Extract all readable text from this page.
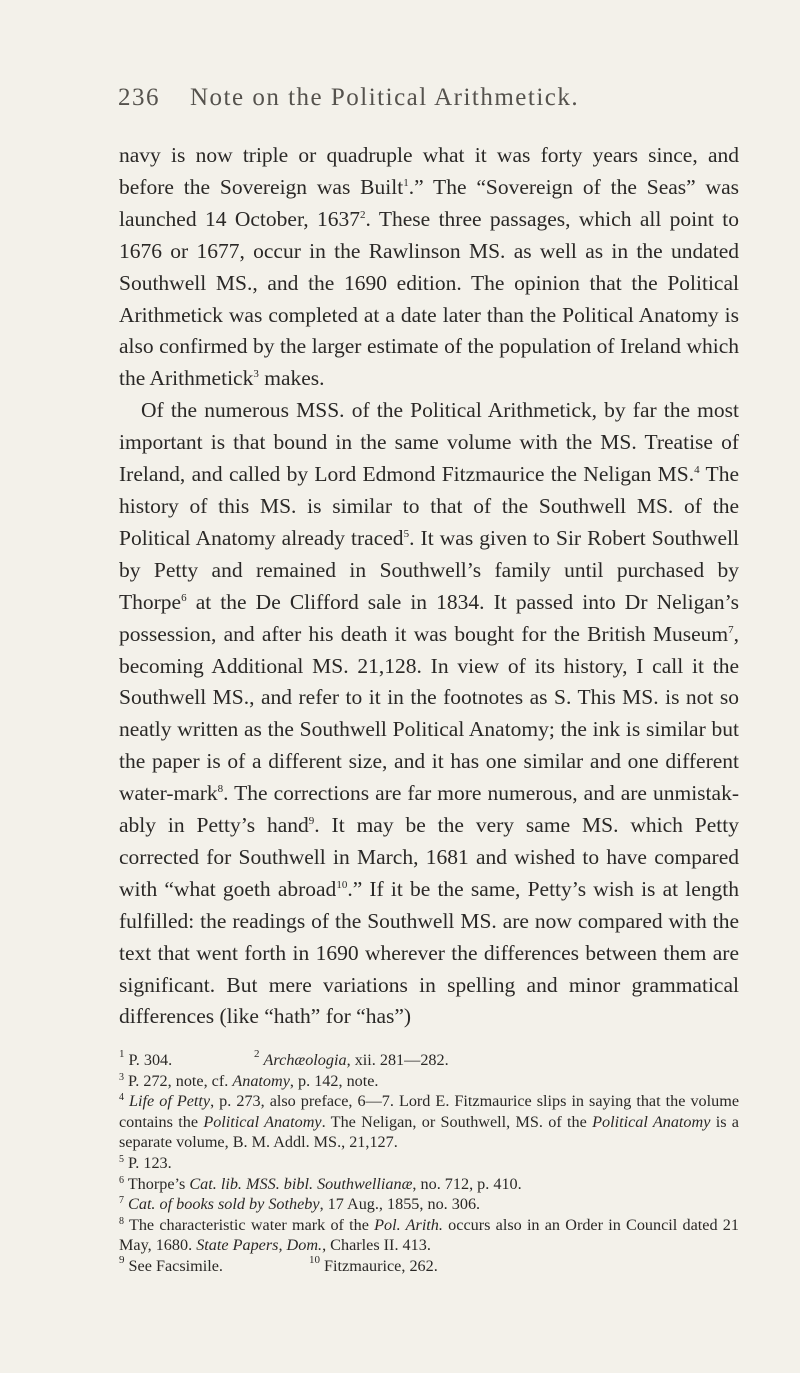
236 Note on the Political Arithmetick.

navy is now triple or quadruple what it was forty years since, and before the Sovereign was Built$^1$.” The “Sovereign of the Seas” was launched 14 October, 1637$^2$. These three passages, which all point to 1676 or 1677, occur in the Rawlinson MS. as well as in the undated Southwell MS., and the 1690 edition. The opinion that the Political Arithmetick was completed at a date later than the Political Anatomy is also confirmed by the larger estimate of the population of Ireland which the Arithmetick$^3$ makes.

Of the numerous MSS. of the Political Arithmetick, by far the most important is that bound in the same volume with the MS. Treatise of Ireland, and called by Lord Edmond Fitzmaurice the Neligan MS.$^4$ The history of this MS. is similar to that of the Southwell MS. of the Political Anatomy already traced$^5$. It was given to Sir Robert Southwell by Petty and remained in Southwell’s family until purchased by Thorpe$^6$ at the De Clifford sale in 1834. It passed into Dr Neligan’s possession, and after his death it was bought for the British Museum$^7$, becoming Additional MS. 21,128. In view of its history, I call it the Southwell MS., and refer to it in the footnotes as S. This MS. is not so neatly written as the Southwell Political Anatomy; the ink is similar but the paper is of a different size, and it has one similar and one different water-mark$^8$. The corrections are far more numerous, and are unmistakably in Petty’s hand$^9$. It may be the very same MS. which Petty corrected for Southwell in March, 1681 and wished to have compared with “what goeth abroad$^{10}$.” If it be the same, Petty’s wish is at length fulfilled: the readings of the Southwell MS. are now compared with the text that went forth in 1690 wherever the differences between them are significant. But mere variations in spelling and minor grammatical differences (like “hath” for “has”)

$^1$ P. 304.	$^2$ Archæologia, xii. 281—282.

$^3$ P. 272, note, cf. Anatomy, p. 142, note.

$^4$ Life of Petty, p. 273, also preface, 6—7. Lord E. Fitzmaurice slips in saying that the volume contains the Political Anatomy. The Neligan, or Southwell, MS. of the Political Anatomy is a separate volume, B. M. Addl. MS., 21,127.

$^5$ P. 123.

$^6$ Thorpe’s Cat. lib. MSS. bibl. Southwellianæ, no. 712, p. 410.

$^7$ Cat. of books sold by Sotheby, 17 Aug., 1855, no. 306.

$^8$ The characteristic water mark of the Pol. Arith. occurs also in an Order in Council dated 21 May, 1680. State Papers, Dom., Charles II. 413.

$^9$ See Facsimile.	$^{10}$ Fitzmaurice, 262.
